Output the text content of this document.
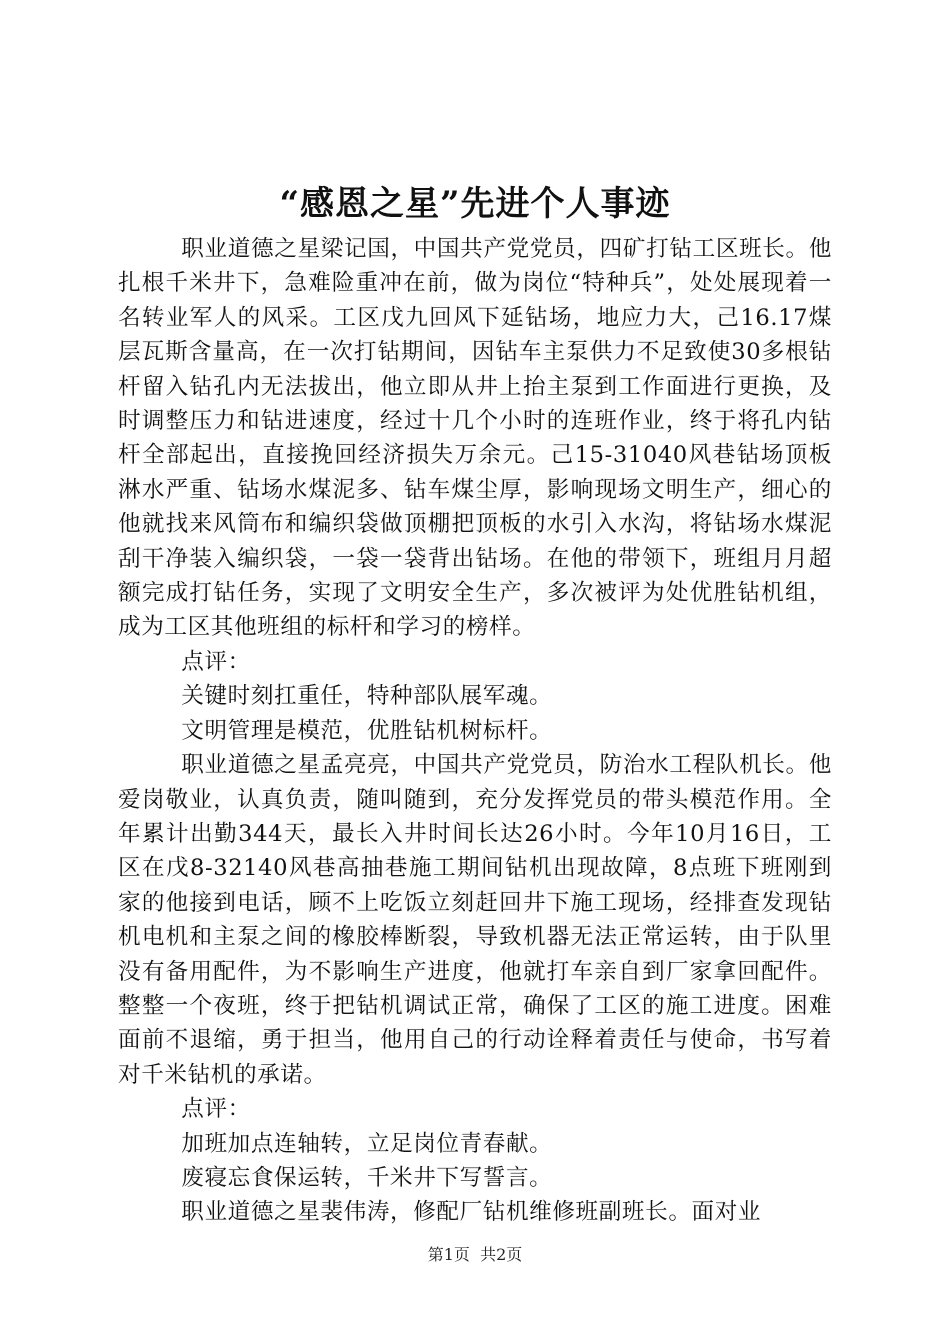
“感恩之星”先进个人事迹

职业道德之星梁记国，中国共产党党员，四矿打钻工区班长。他扎根千米井下，急难险重冲在前，做为岗位“特种兵”，处处展现着一名转业军人的风采。工区戊九回风下延钻场，地应力大，己16.17煤层瓦斯含量高，在一次打钻期间，因钻车主泵供力不足致使30多根钻杆留入钻孔内无法拔出，他立即从井上抬主泵到工作面进行更换，及时调整压力和钻进速度，经过十几个小时的连班作业，终于将孔内钻杆全部起出，直接挽回经济损失万余元。己15-31040风巷钻场顶板淋水严重、钻场水煤泥多、钻车煤尘厚，影响现场文明生产，细心的他就找来风筒布和编织袋做顶棚把顶板的水引入水沟，将钻场水煤泥刮干净装入编织袋，一袋一袋背出钻场。在他的带领下，班组月月超额完成打钻任务，实现了文明安全生产，多次被评为处优胜钻机组，成为工区其他班组的标杆和学习的榜样。

点评：

关键时刻扛重任，特种部队展军魂。

文明管理是模范，优胜钻机树标杆。

职业道德之星孟亮亮，中国共产党党员，防治水工程队机长。他爱岗敬业，认真负责，随叫随到，充分发挥党员的带头模范作用。全年累计出勤344天，最长入井时间长达26小时。今年10月16日，工区在戊8-32140风巷高抽巷施工期间钻机出现故障，8点班下班刚到家的他接到电话，顾不上吃饭立刻赶回井下施工现场，经排查发现钻机电机和主泵之间的橡胶棒断裂，导致机器无法正常运转，由于队里没有备用配件，为不影响生产进度，他就打车亲自到厂家拿回配件。整整一个夜班，终于把钻机调试正常，确保了工区的施工进度。困难面前不退缩，勇于担当，他用自己的行动诠释着责任与使命，书写着对千米钻机的承诺。

点评：

加班加点连轴转，立足岗位青春献。

废寝忘食保运转，千米井下写誓言。

职业道德之星裴伟涛，修配厂钻机维修班副班长。面对业

第1页  共2页
